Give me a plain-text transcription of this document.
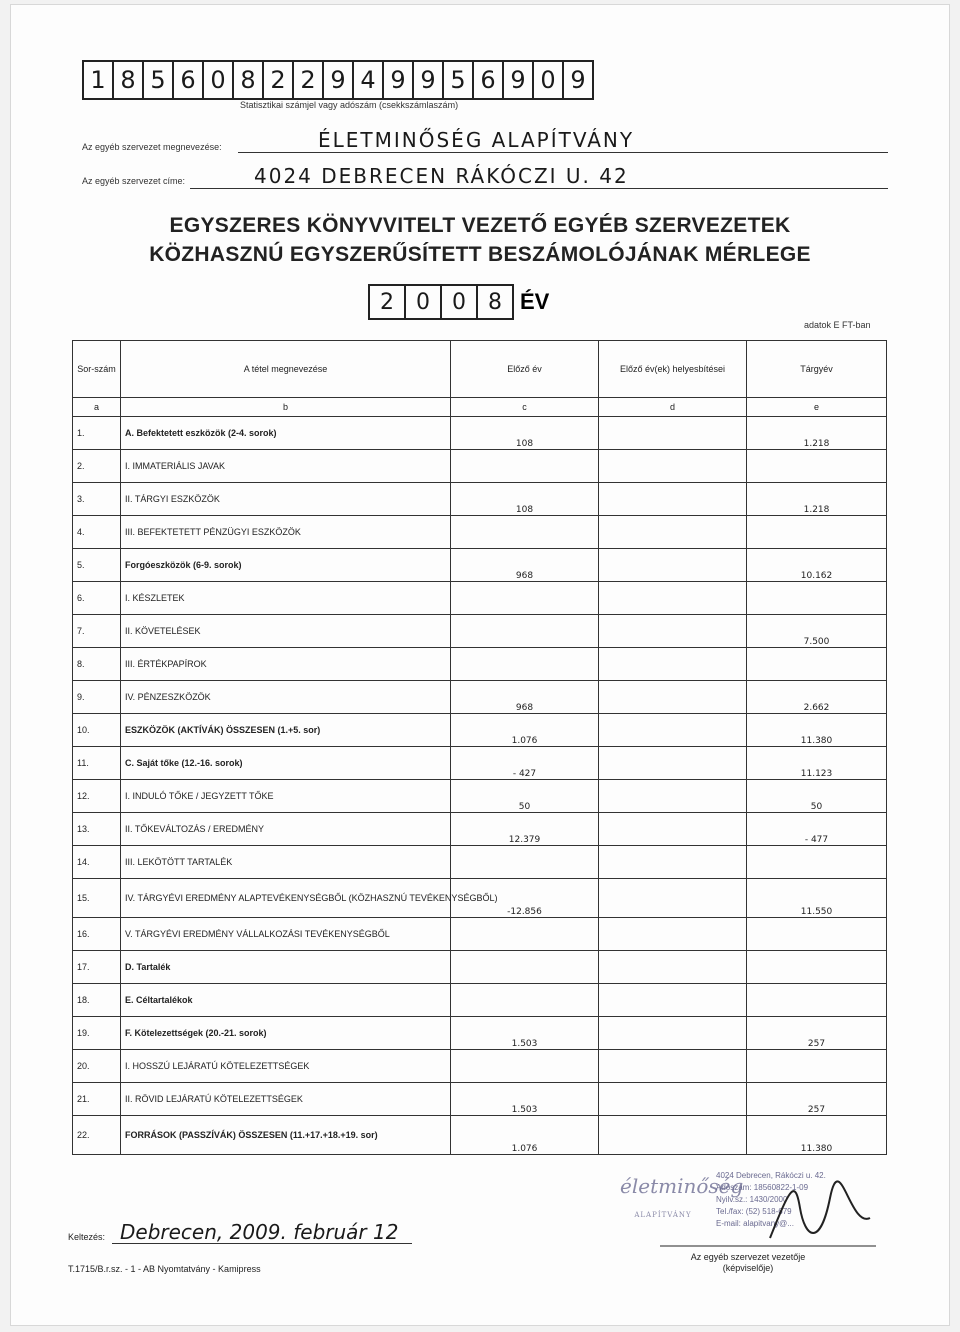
1 8 5 6 0 8 2 2 9 4 9 9 5 6 9 0 9
Statisztikai számjel vagy adószám (csekkszámlaszám)
Az egyéb szervezet megnevezése:	ÉLETMINŐSÉG ALAPÍTVÁNY
Az egyéb szervezet címe:	4024 DEBRECEN RÁKÓCZI U. 42
EGYSZERES KÖNYVVITELT VEZETŐ EGYÉB SZERVEZETEK
KÖZHASZNÚ EGYSZERŰSÍTETT BESZÁMOLÓJÁNAK MÉRLEGE
2	0	0	8 ÉV
adatok E FT-ban
Sor-szám	A tétel megnevezése	Előző év	Előző év(ek) helyesbítései	Tárgyév
a	b	c	d	e
1.	A. Befektetett eszközök (2-4. sorok)	108		1.218
2.	I. IMMATERIÁLIS JAVAK			
3.	II. TÁRGYI ESZKÖZÖK	108		1.218
4.	III. BEFEKTETETT PÉNZÜGYI ESZKÖZÖK			
5.	Forgóeszközök (6-9. sorok)	968		10.162
6.	I. KÉSZLETEK			
7.	II. KÖVETELÉSEK			7.500
8.	III. ÉRTÉKPAPÍROK			
9.	IV. PÉNZESZKÖZÖK	968		2.662
10.	ESZKÖZÖK (AKTÍVÁK) ÖSSZESEN (1.+5. sor)	1.076		11.380
11.	C. Saját tőke (12.-16. sorok)	- 427		11.123
12.	I. INDULÓ TŐKE / JEGYZETT TŐKE	50		50
13.	II. TŐKEVÁLTOZÁS / EREDMÉNY	12.379		- 477
14.	III. LEKÖTÖTT TARTALÉK			
15.	IV. TÁRGYÉVI EREDMÉNY ALAPTEVÉKENYSÉGBŐL (KÖZHASZNÚ TEVÉKENYSÉGBŐL)	-12.856		11.550
16.	V. TÁRGYÉVI EREDMÉNY VÁLLALKOZÁSI TEVÉKENYSÉGBŐL			
17.	D. Tartalék			
18.	E. Céltartalékok			
19.	F. Kötelezettségek (20.-21. sorok)	1.503		257
20.	I. HOSSZÚ LEJÁRATÚ KÖTELEZETTSÉGEK			
21.	II. RÖVID LEJÁRATÚ KÖTELEZETTSÉGEK	1.503		257
22.	FORRÁSOK (PASSZÍVÁK) ÖSSZESEN (11.+17.+18.+19. sor)	1.076		11.380
Keltezés: Debrecen, 2009. február 12
T.1715/B.r.sz. - 1 - AB Nyomtatvány - Kamipress
életminőség
ALAPÍTVÁNY
4024 Debrecen, Rákóczi u. 42.
Adószám: 18560822-1-09
Nyilv.sz.: 1430/2000
Tel./fax: (52) 518-679
E-mail: alapitvany@...
Az egyéb szervezet vezetője
(képviselője)
